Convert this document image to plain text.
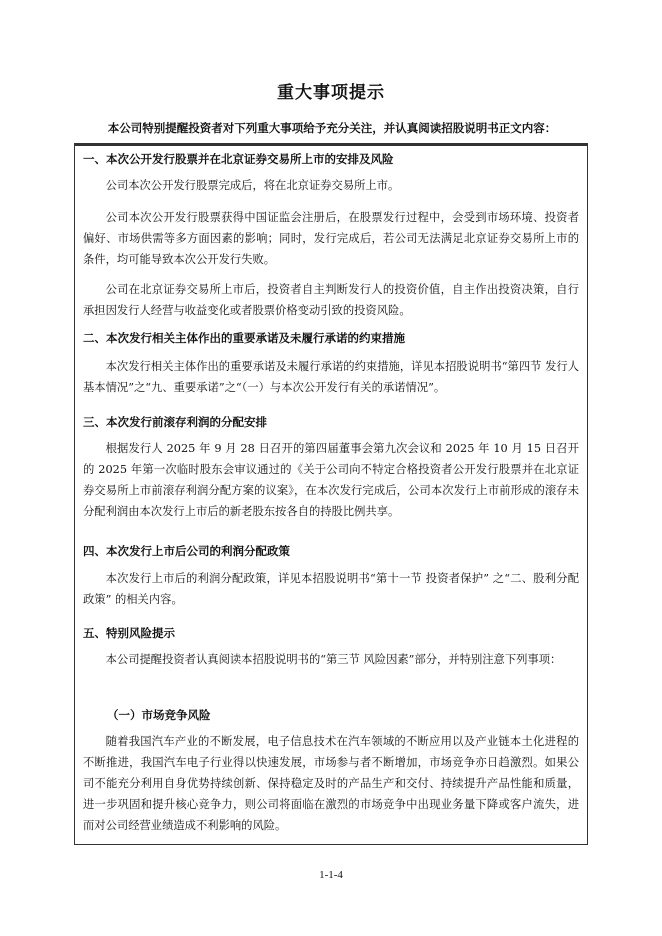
重大事项提示
本公司特别提醒投资者对下列重大事项给予充分关注，并认真阅读招股说明书正文内容：
一、本次公开发行股票并在北京证券交易所上市的安排及风险
公司本次公开发行股票完成后，将在北京证券交易所上市。
公司本次公开发行股票获得中国证监会注册后，在股票发行过程中，会受到市场环境、投资者偏好、市场供需等多方面因素的影响；同时，发行完成后，若公司无法满足北京证券交易所上市的条件，均可能导致本次公开发行失败。
公司在北京证券交易所上市后，投资者自主判断发行人的投资价值，自主作出投资决策，自行承担因发行人经营与收益变化或者股票价格变动引致的投资风险。
二、本次发行相关主体作出的重要承诺及未履行承诺的约束措施
本次发行相关主体作出的重要承诺及未履行承诺的约束措施，详见本招股说明书“第四节 发行人基本情况”之“九、重要承诺”之“（一）与本次公开发行有关的承诺情况”。
三、本次发行前滚存利润的分配安排
根据发行人 2025 年 9 月 28 日召开的第四届董事会第九次会议和 2025 年 10 月 15 日召开的 2025 年第一次临时股东会审议通过的《关于公司向不特定合格投资者公开发行股票并在北京证券交易所上市前滚存利润分配方案的议案》，在本次发行完成后，公司本次发行上市前形成的滚存未分配利润由本次发行上市后的新老股东按各自的持股比例共享。
四、本次发行上市后公司的利润分配政策
本次发行上市后的利润分配政策，详见本招股说明书“第十一节 投资者保护” 之“二、股利分配政策” 的相关内容。
五、特别风险提示
本公司提醒投资者认真阅读本招股说明书的“第三节 风险因素”部分，并特别注意下列事项：
（一）市场竞争风险
随着我国汽车产业的不断发展，电子信息技术在汽车领域的不断应用以及产业链本土化进程的不断推进，我国汽车电子行业得以快速发展，市场参与者不断增加，市场竞争亦日趋激烈。如果公司不能充分利用自身优势持续创新、保持稳定及时的产品生产和交付、持续提升产品性能和质量，进一步巩固和提升核心竞争力，则公司将面临在激烈的市场竞争中出现业务量下降或客户流失，进而对公司经营业绩造成不利影响的风险。
1-1-4
